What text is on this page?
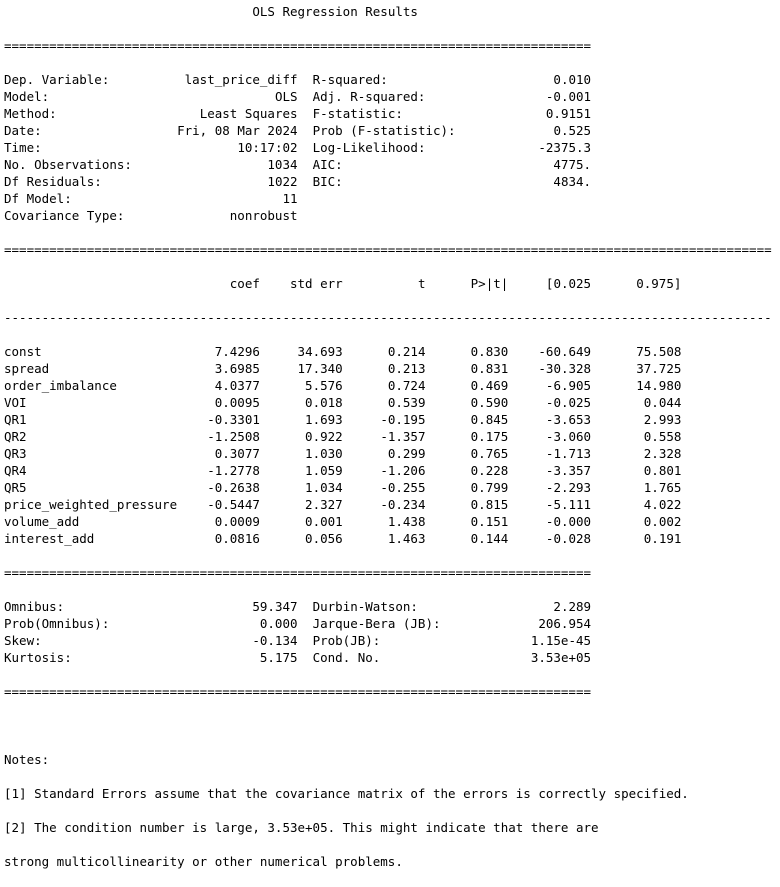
OLS Regression Results

==============================================================================

Dep. Variable:	last_price_diff R-squared:	0.010
Model:	OLS Adj. R-squared:	-0.001
Method:	Least Squares F-statistic:	0.9151
Date:	Fri, 08 Mar 2024 Prob (F-statistic):	0.525
Time:	10:17:02 Log-Likelihood:	-2375.3
No. Observations:	1034 AIC:	4775.
Df Residuals:	1022 BIC:	4834.
Df Model:	11
Covariance Type:	nonrobust

======================================================================================================

coef std err	t	P>|t|	[0.025	0.975]

------------------------------------------------------------------------------------------------------

const	7.4296	34.693	0.214	0.830 -60.649	75.508
spread	3.6985	17.340	0.213	0.831 -30.328	37.725
order_imbalance	4.0377	5.576	0.724	0.469	-6.905	14.980
VOI	0.0095	0.018	0.539	0.590	-0.025	0.044
QR1	-0.3301	1.693	-0.195	0.845	-3.653	2.993
QR2	-1.2508	0.922	-1.357	0.175	-3.060	0.558
QR3	0.3077	1.030	0.299	0.765	-1.713	2.328
QR4	-1.2778	1.059	-1.206	0.228	-3.357	0.801
QR5	-0.2638	1.034	-0.255	0.799	-2.293	1.765
price_weighted_pressure -0.5447	2.327	-0.234	0.815	-5.111	4.022
volume_add	0.0009	0.001	1.438	0.151	-0.000	0.002
interest_add	0.0816	0.056	1.463	0.144	-0.028	0.191

==============================================================================

Omnibus:	59.347 Durbin-Watson:	2.289
Prob(Omnibus):	0.000 Jarque-Bera (JB):	206.954
Skew:	-0.134 Prob(JB):	1.15e-45
Kurtosis:	5.175 Cond. No.	3.53e+05

==============================================================================

Notes:

[1] Standard Errors assume that the covariance matrix of the errors is correctly specified.

[2] The condition number is large, 3.53e+05. This might indicate that there are

strong multicollinearity or other numerical problems.
